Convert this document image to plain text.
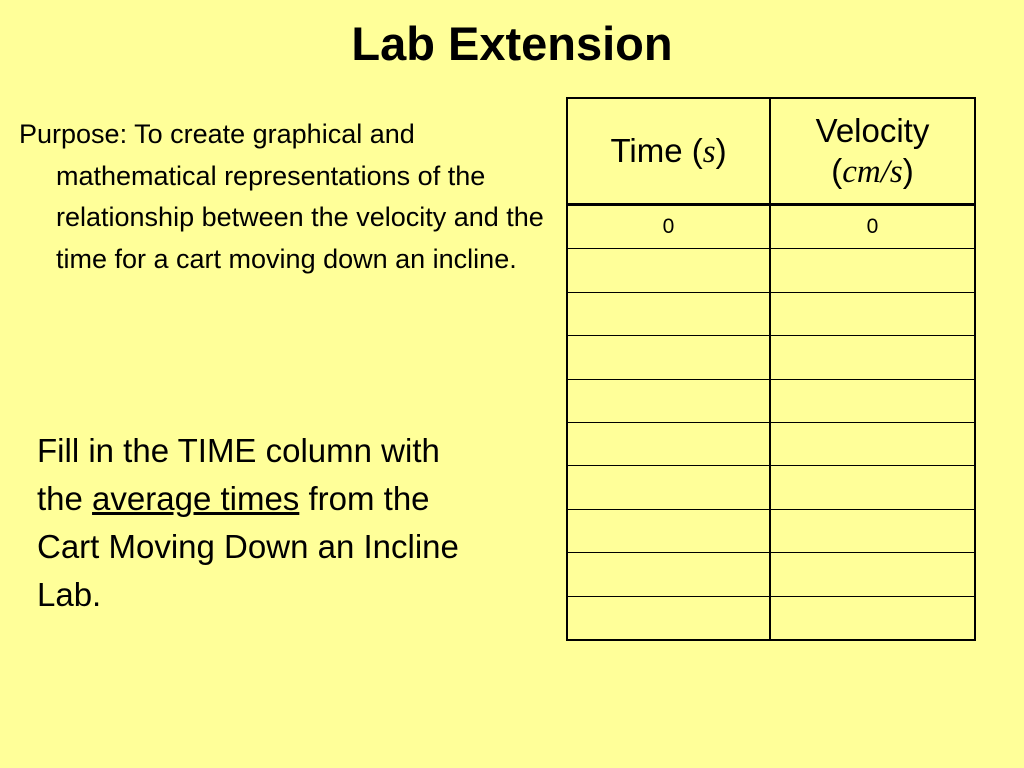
Lab Extension
Purpose: To create graphical and mathematical representations of the relationship between the velocity and the time for a cart moving down an incline.
Fill in the TIME column with the average times from the Cart Moving Down an Incline Lab.
Time (s)	Velocity
(cm/s)
0	0
